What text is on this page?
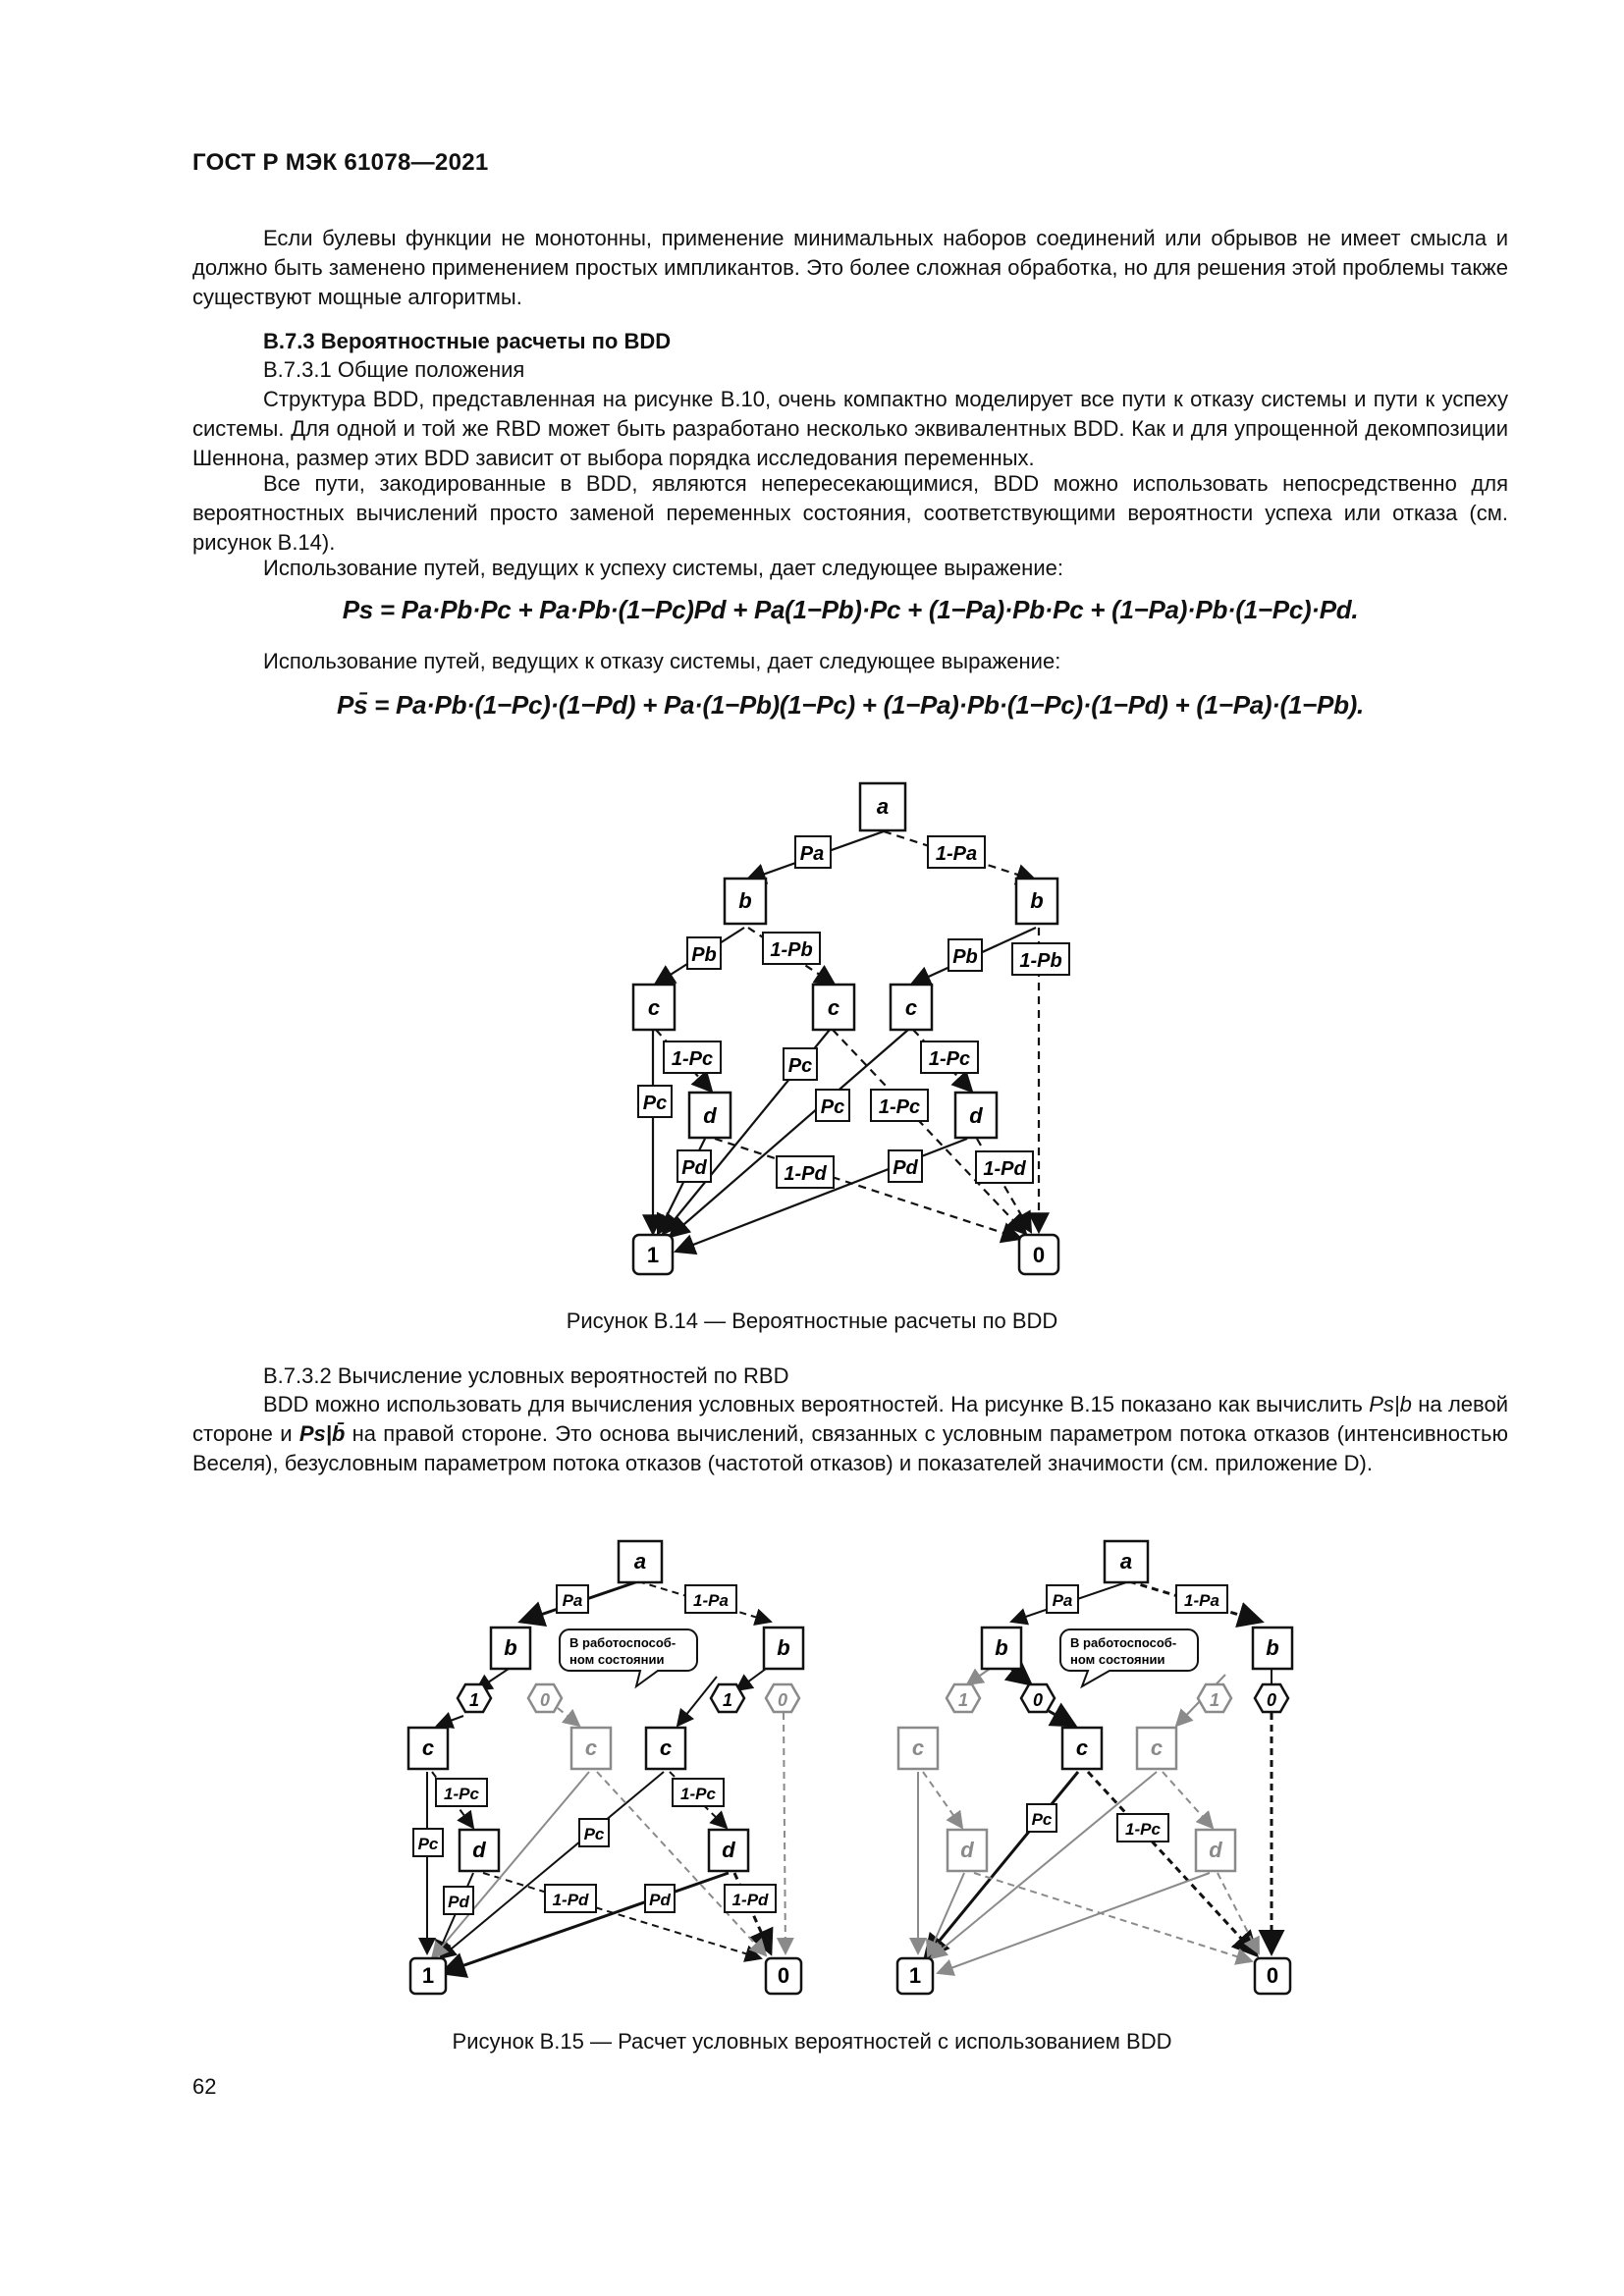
ГОСТ Р МЭК 61078—2021
Если булевы функции не монотонны, применение минимальных наборов соединений или обрывов не имеет смысла и должно быть заменено применением простых импликантов. Это более сложная обработка, но для решения этой проблемы также существуют мощные алгоритмы.
B.7.3 Вероятностные расчеты по BDD
B.7.3.1 Общие положения
Структура BDD, представленная на рисунке B.10, очень компактно моделирует все пути к отказу системы и пути к успеху системы. Для одной и той же RBD может быть разработано несколько эквивалентных BDD. Как и для упрощенной декомпозиции Шеннона, размер этих BDD зависит от выбора порядка исследования переменных.
Все пути, закодированные в BDD, являются непересекающимися, BDD можно использовать непосредственно для вероятностных вычислений просто заменой переменных состояния, соответствующими вероятности успеха или отказа (см. рисунок B.14).
Использование путей, ведущих к успеху системы, дает следующее выражение:
Ps = Pa·Pb·Pc + Pa·Pb·(1−Pc)Pd + Pa(1−Pb)·Pc + (1−Pa)·Pb·Pc + (1−Pa)·Pb·(1−Pc)·Pd.
Использование путей, ведущих к отказу системы, дает следующее выражение:
Ps̄ = Pa·Pb·(1−Pc)·(1−Pd) + Pa·(1−Pb)(1−Pc) + (1−Pa)·Pb·(1−Pc)·(1−Pd) + (1−Pa)·(1−Pb).
a
b	b
c	c	c
d	d
1	0
Pa	1-Pa
Pb	1-Pb	Pb 1-Pb
1-Pc
Pc
Pc
Pc 1-Pc
1-Pc
Pd	1-Pd	Pd	1-Pd
Рисунок B.14 — Вероятностные расчеты по BDD
B.7.3.2 Вычисление условных вероятностей по RBD
BDD можно использовать для вычисления условных вероятностей. На рисунке B.15 показано как вычислить Ps|b на левой стороне и Ps|b̄ на правой стороне. Это основа вычислений, связанных с условным параметром потока отказов (интенсивностью Веселя), безусловным параметром потока отказов (частотой отказов) и показателей значимости (см. приложение D).
a
b	b
c	c	c
d	d
1	0
1	0	1	0
В работоспособ-
ном состоянии
Pa	1-Pa
1-Pc
Pc
Pc
1-Pc
Pd	1-Pd	Pd	1-Pd
a
b	b
c	c	c
d	d
1	0
1	0	1	0
В работоспособ-
ном состоянии
Pa	1-Pa
Pc
1-Pc
Рисунок B.15 — Расчет условных вероятностей с использованием BDD
62
